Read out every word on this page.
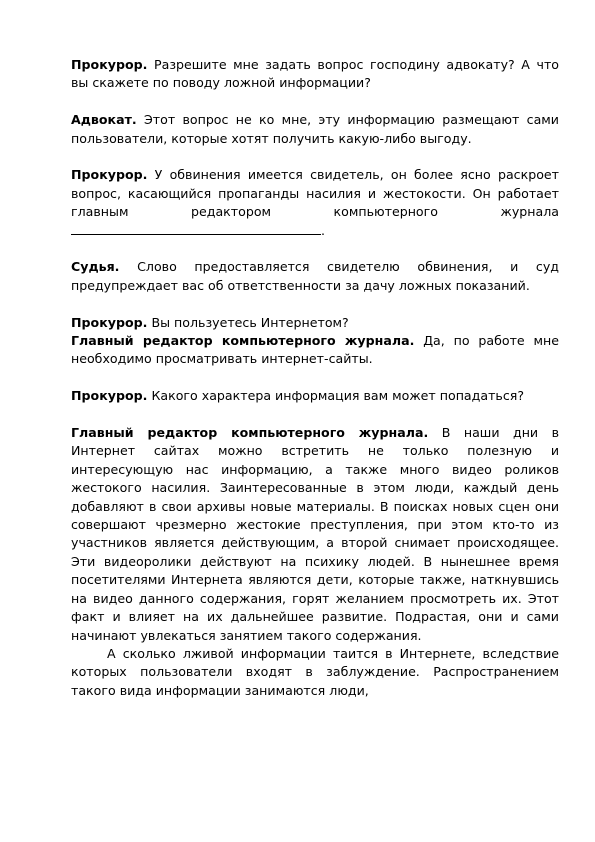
Прокурор. Разрешите мне задать вопрос господину адвокату? А что вы скажете по поводу ложной информации?

Адвокат. Этот вопрос не ко мне, эту информацию размещают сами пользователи, которые хотят получить какую-либо выгоду.

Прокурор. У обвинения имеется свидетель, он более ясно раскроет вопрос, касающийся пропаганды насилия и жестокости. Он работает главным редактором компьютерного журнала .

Судья. Слово предоставляется свидетелю обвинения, и суд предупреждает вас об ответственности за дачу ложных показаний.

Прокурор. Вы пользуетесь Интернетом?

Главный редактор компьютерного журнала. Да, по работе мне необходимо просматривать интернет-сайты.

Прокурор. Какого характера информация вам может попадаться?

Главный редактор компьютерного журнала. В наши дни в Интернет сайтах можно встретить не только полезную и интересующую нас информацию, а также много видео роликов жестокого насилия. Заинтересованные в этом люди, каждый день добавляют в свои архивы новые материалы. В поисках новых сцен они совершают чрезмерно жестокие преступления, при этом кто-то из участников является действующим, а второй снимает происходящее. Эти видеоролики действуют на психику людей. В нынешнее время посетителями Интернета являются дети, которые также, наткнувшись на видео данного содержания, горят желанием просмотреть их. Этот факт и влияет на их дальнейшее развитие. Подрастая, они и сами начинают увлекаться занятием такого содержания.

А сколько лживой информации таится в Интернете, вследствие которых пользователи входят в заблуждение. Распространением такого вида информации занимаются люди,
